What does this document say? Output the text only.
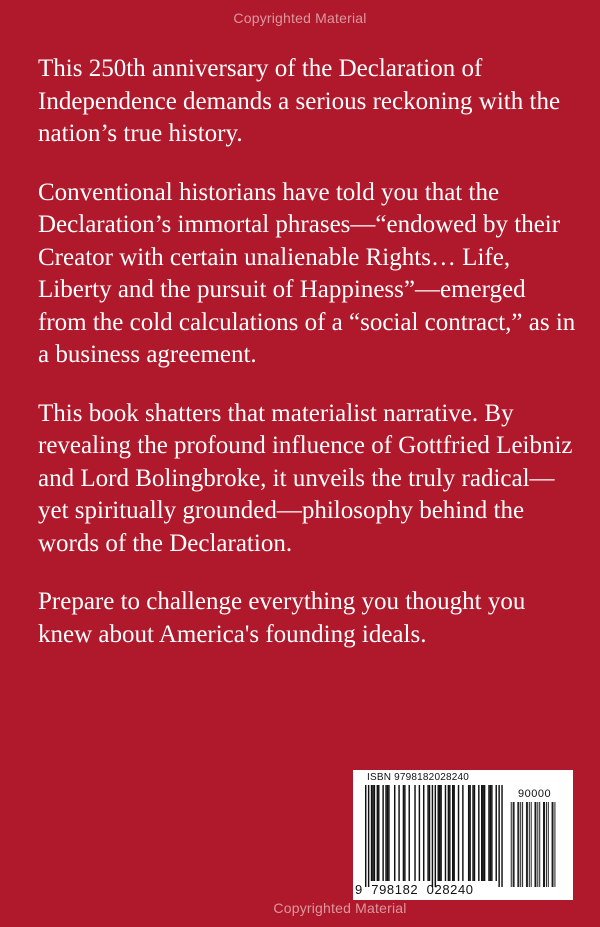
Copyrighted Material

This 250th anniversary of the Declaration of Independence demands a serious reckoning with the nation’s true history.

Conventional historians have told you that the Declaration’s immortal phrases—“endowed by their Creator with certain unalienable Rights… Life, Liberty and the pursuit of Happiness”—emerged from the cold calculations of a “social contract,” as in a business agreement.

This book shatters that materialist narrative. By revealing the profound influence of Gottfried Leibniz and Lord Bolingbroke, it unveils the truly radical—yet spiritually grounded—philosophy behind the words of the Declaration.

Prepare to challenge everything you thought you knew about America's founding ideals.

ISBN 9798182028240
90000
9  798182  028240
Copyrighted Material
